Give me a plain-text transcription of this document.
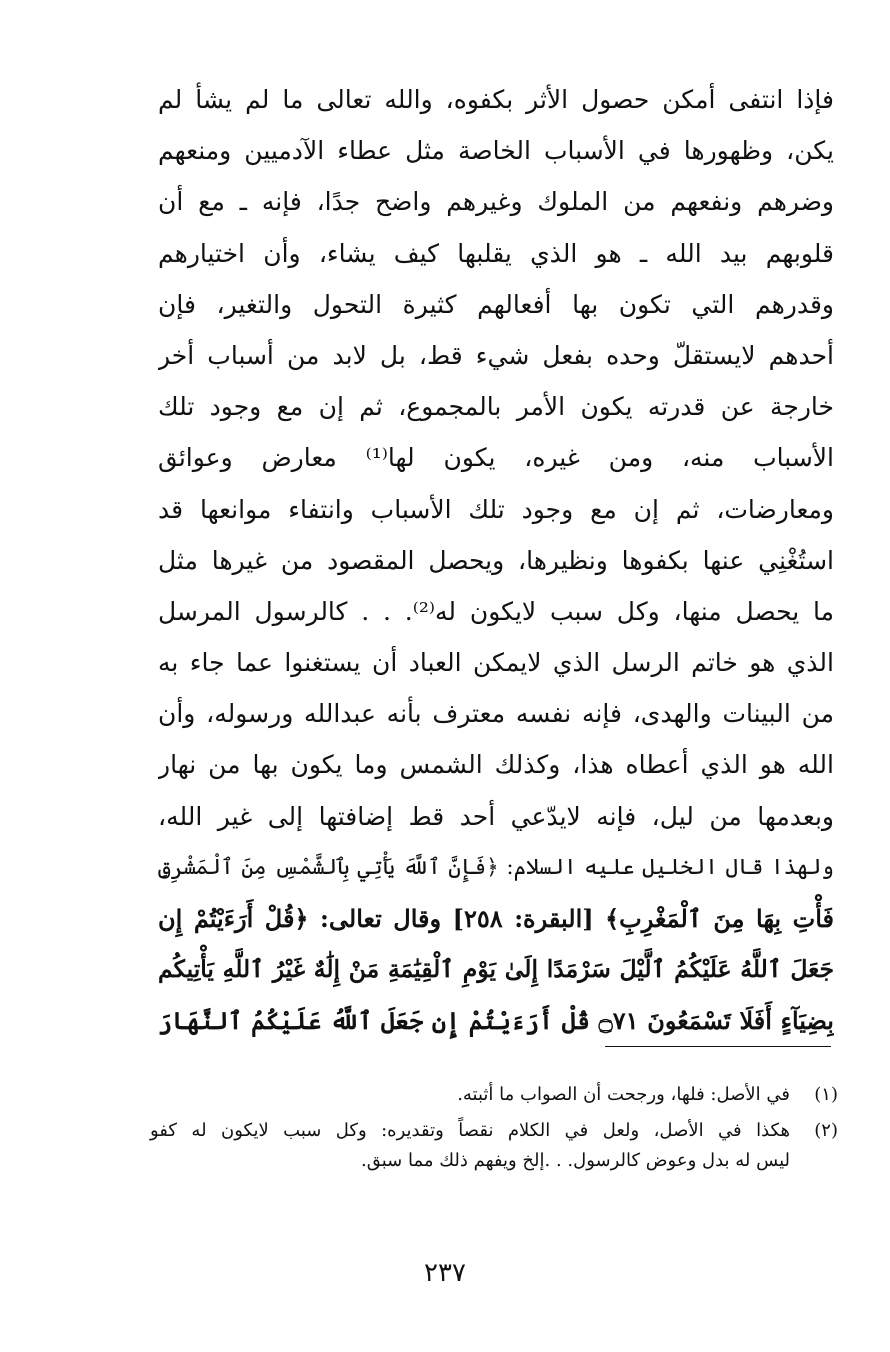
فإذا انتفى أمكن حصول الأثر بكفوه، والله تعالى ما لم يشأ لم
يكن، وظهورها في الأسباب الخاصة مثل عطاء الآدميين ومنعهم
وضرهم ونفعهم من الملوك وغيرهم واضح جدًا، فإنه ـ مع أن
قلوبهم بيد الله ـ هو الذي يقلبها كيف يشاء، وأن اختيارهم
وقدرهم التي تكون بها أفعالهم كثيرة التحول والتغير، فإن
أحدهم لايستقلّ وحده بفعل شيء قط، بل لابد من أسباب أخر
خارجة عن قدرته يكون الأمر بالمجموع، ثم إن مع وجود تلك
الأسباب منه، ومن غيره، يكون لها⁽¹⁾ معارض وعوائق
ومعارضات، ثم إن مع وجود تلك الأسباب وانتفاء موانعها قد
استُغْنِي عنها بكفوها ونظيرها، ويحصل المقصود من غيرها مثل
ما يحصل منها، وكل سبب لايكون له⁽²⁾. . . كالرسول المرسل
الذي هو خاتم الرسل الذي لايمكن العباد أن يستغنوا عما جاء به
من البينات والهدى، فإنه نفسه معترف بأنه عبدالله ورسوله، وأن
الله هو الذي أعطاه هذا، وكذلك الشمس وما يكون بها من نهار
وبعدمها من ليل، فإنه لايدّعي أحد قط إضافتها إلى غير الله،
ولهذا قال الخليل عليه السلام: ﴿فَإِنَّ ٱللَّهَ يَأْتِي بِٱلشَّمْسِ مِنَ ٱلْمَشْرِقِ
فَأْتِ بِهَا مِنَ ٱلْمَغْرِبِ﴾ [البقرة: ٢٥٨] وقال تعالى: ﴿قُلْ أَرَءَيْتُمْ إِن
جَعَلَ ٱللَّهُ عَلَيْكُمُ ٱلَّيْلَ سَرْمَدًا إِلَىٰ يَوْمِ ٱلْقِيَٰمَةِ مَنْ إِلَٰهٌ غَيْرُ ٱللَّهِ يَأْتِيكُم
بِضِيَآءٍ أَفَلَا تَسْمَعُونَ ۝٧١ قُلْ أَرَءَيْتُمْ إِن جَعَلَ ٱللَّهُ عَلَيْكُمُ ٱلنَّهَارَ
(١)
في الأصل: فلها، ورجحت أن الصواب ما أثبته.
(٢)
هكذا في الأصل، ولعل في الكلام نقصاً وتقديره: وكل سبب لايكون له كفو
ليس له بدل وعوض كالرسول. . .إلخ ويفهم ذلك مما سبق.
٢٣٧
